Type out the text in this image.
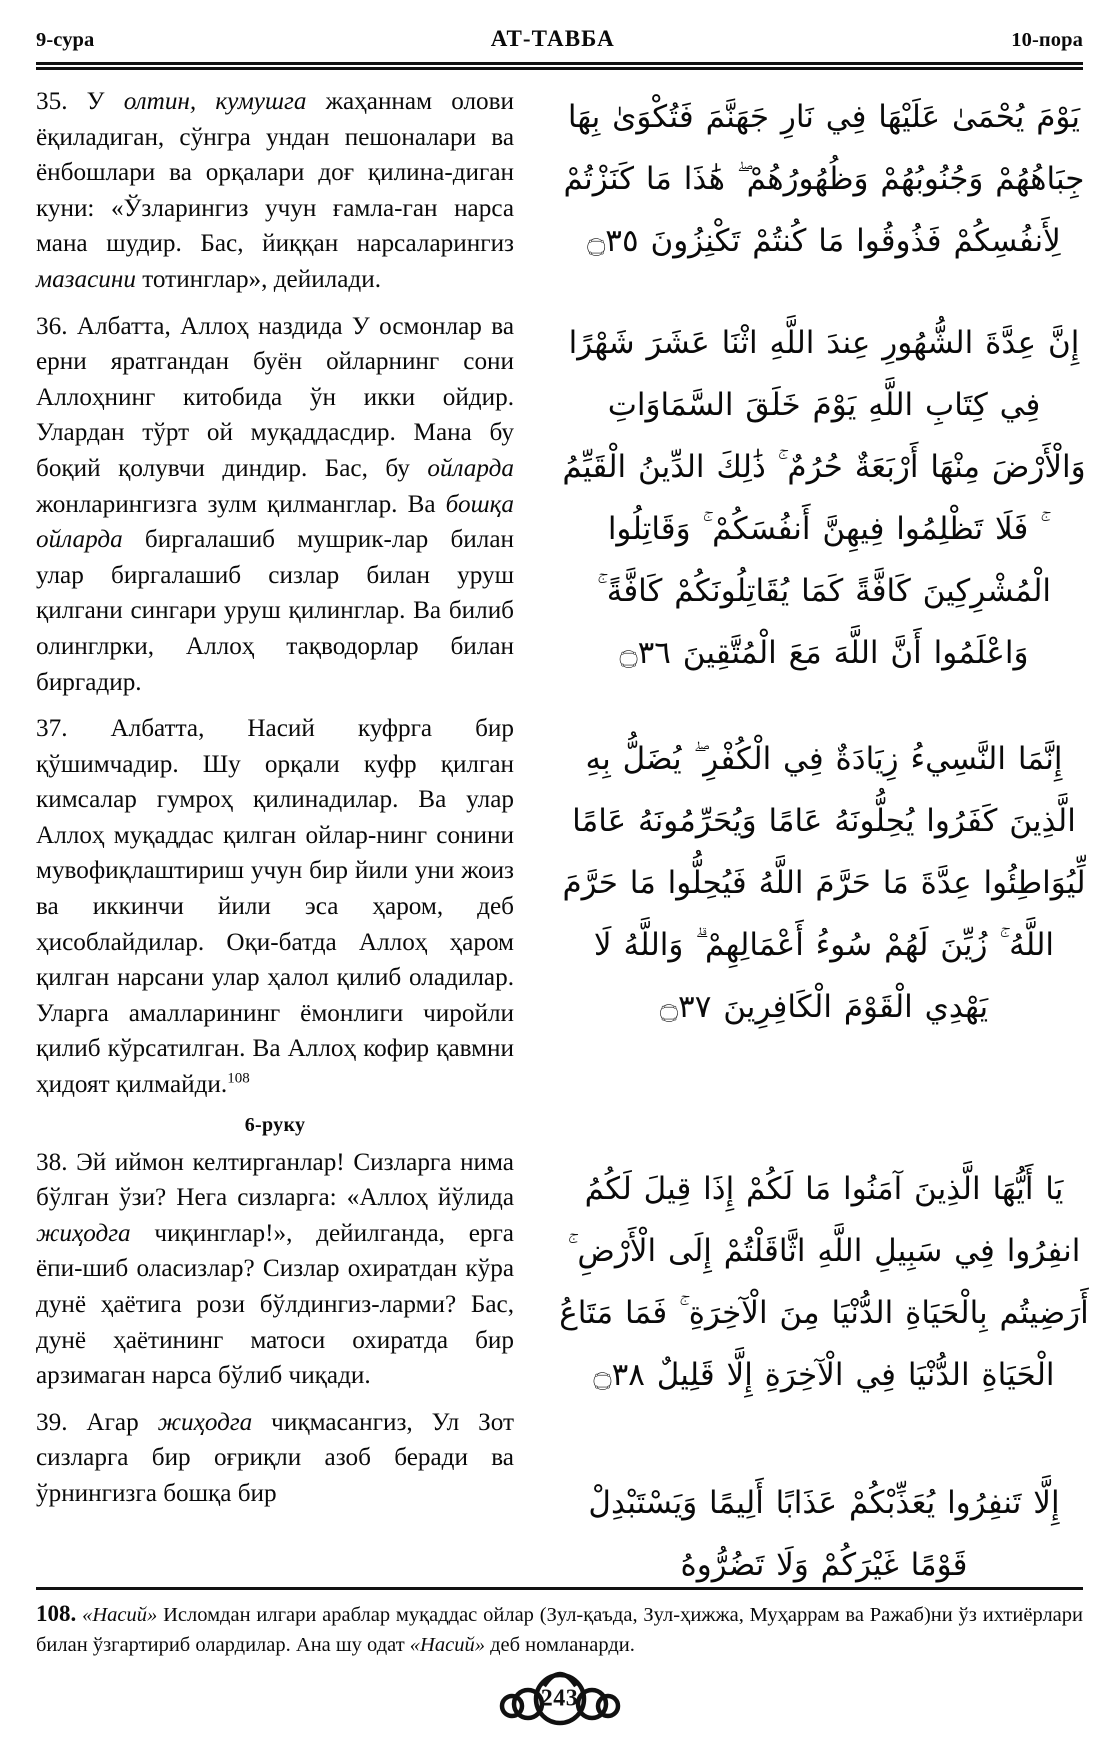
9-сура	АТ-ТАВБА	10-пора

35. У олтин, кумушга жаҳаннам олови ёқиладиган, сўнгра ундан пешоналари ва ёнбошлари ва орқалари доғ қилина-диган куни: «Ўзларингиз учун ғамла-ган нарса мана шудир. Бас, йиққан нарсаларингиз мазасини тотинглар», дейилади.

36. Албатта, Аллоҳ наздида У осмонлар ва ерни яратгандан буён ойларнинг сони Аллоҳнинг китобида ўн икки ойдир. Улардан тўрт ой муқаддасдир. Мана бу боқий қолувчи диндир. Бас, бу ойларда жонларингизга зулм қилманглар. Ва бошқа ойларда биргалашиб мушрик-лар билан улар биргалашиб сизлар билан уруш қилгани сингари уруш қилинглар. Ва билиб олинглрки, Аллоҳ тақводорлар билан биргадир.

37. Албатта, Насий куфрга бир қўшимчадир. Шу орқали куфр қилган кимсалар гумроҳ қилинадилар. Ва улар Аллоҳ муқаддас қилган ойлар-нинг сонини мувофиқлаштириш учун бир йили уни жоиз ва иккинчи йили эса ҳаром, деб ҳисоблайдилар. Оқи-батда Аллоҳ ҳаром қилган нарсани улар ҳалол қилиб оладилар. Уларга амалларининг ёмонлиги чиройли қилиб кўрсатилган. Ва Аллоҳ кофир қавмни ҳидоят қилмайди.$^{108}$

6-руку

38. Эй иймон келтирганлар! Сизларга нима бўлган ўзи? Нега сизларга: «Аллоҳ йўлида жиҳодга чиқинглар!», дейилганда, ерга ёпи-шиб оласизлар? Сизлар охиратдан кўра дунё ҳаётига рози бўлдингиз-ларми? Бас, дунё ҳаётининг матоси охиратда бир арзимаган нарса бўлиб чиқади.

39. Агар жиҳодга чиқмасангиз, Ул Зот сизларга бир оғриқли азоб беради ва ўрнингизга бошқа бир

يَوْمَ يُحْمَىٰ عَلَيْهَا فِي نَارِ جَهَنَّمَ فَتُكْوَىٰ بِهَا جِبَاهُهُمْ وَجُنُوبُهُمْ وَظُهُورُهُمْ ۖ هَٰذَا مَا كَنَزْتُمْ لِأَنفُسِكُمْ فَذُوقُوا مَا كُنتُمْ تَكْنِزُونَ ۝٣٥
إِنَّ عِدَّةَ الشُّهُورِ عِندَ اللَّهِ اثْنَا عَشَرَ شَهْرًا فِي كِتَابِ اللَّهِ يَوْمَ خَلَقَ السَّمَاوَاتِ وَالْأَرْضَ مِنْهَا أَرْبَعَةٌ حُرُمٌ ۚ ذَٰلِكَ الدِّينُ الْقَيِّمُ ۚ فَلَا تَظْلِمُوا فِيهِنَّ أَنفُسَكُمْ ۚ وَقَاتِلُوا الْمُشْرِكِينَ كَافَّةً كَمَا يُقَاتِلُونَكُمْ كَافَّةً ۚ وَاعْلَمُوا أَنَّ اللَّهَ مَعَ الْمُتَّقِينَ ۝٣٦
إِنَّمَا النَّسِيءُ زِيَادَةٌ فِي الْكُفْرِ ۖ يُضَلُّ بِهِ الَّذِينَ كَفَرُوا يُحِلُّونَهُ عَامًا وَيُحَرِّمُونَهُ عَامًا لِّيُوَاطِئُوا عِدَّةَ مَا حَرَّمَ اللَّهُ فَيُحِلُّوا مَا حَرَّمَ اللَّهُ ۚ زُيِّنَ لَهُمْ سُوءُ أَعْمَالِهِمْ ۗ وَاللَّهُ لَا يَهْدِي الْقَوْمَ الْكَافِرِينَ ۝٣٧
يَا أَيُّهَا الَّذِينَ آمَنُوا مَا لَكُمْ إِذَا قِيلَ لَكُمُ انفِرُوا فِي سَبِيلِ اللَّهِ اثَّاقَلْتُمْ إِلَى الْأَرْضِ ۚ أَرَضِيتُم بِالْحَيَاةِ الدُّنْيَا مِنَ الْآخِرَةِ ۚ فَمَا مَتَاعُ الْحَيَاةِ الدُّنْيَا فِي الْآخِرَةِ إِلَّا قَلِيلٌ ۝٣٨
إِلَّا تَنفِرُوا يُعَذِّبْكُمْ عَذَابًا أَلِيمًا وَيَسْتَبْدِلْ قَوْمًا غَيْرَكُمْ وَلَا تَضُرُّوهُ
108. «Насий» Исломдан илгари араблар муқаддас ойлар (Зул-қаъда, Зул-ҳижжа, Муҳаррам ва Ражаб)ни ўз ихтиёрлари билан ўзгартириб олардилар. Ана шу одат «Насий» деб номланарди.
243
